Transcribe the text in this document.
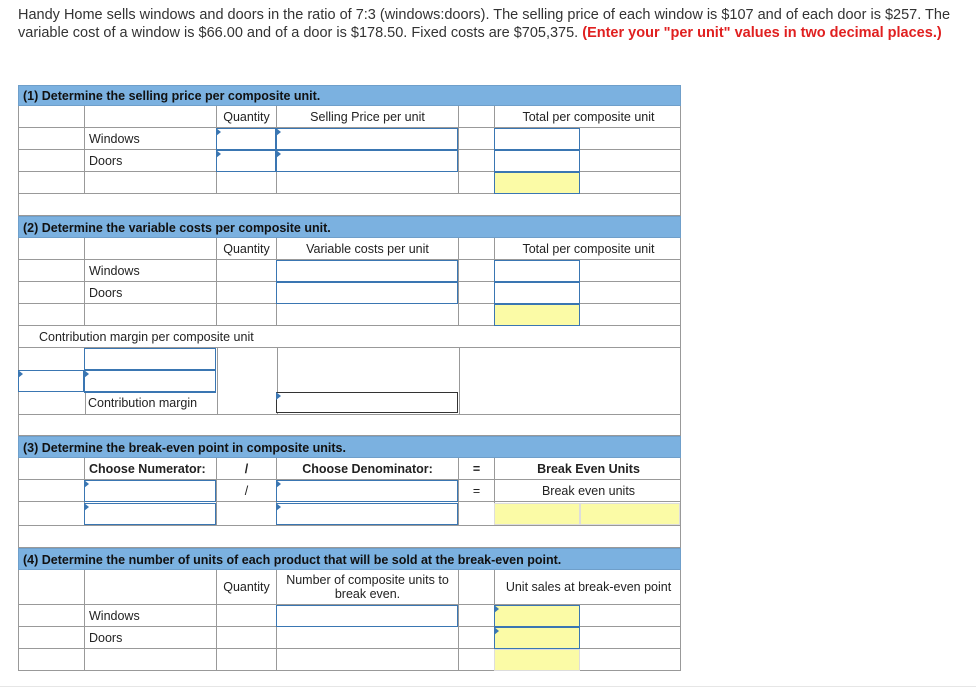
Handy Home sells windows and doors in the ratio of 7:3 (windows:doors). The selling price of each window is $107 and of each door is $257. The variable cost of a window is $66.00 and of a door is $178.50. Fixed costs are $705,375. (Enter your "per unit" values in two decimal places.)
(1) Determine the selling price per composite unit.
Quantity	Selling Price per unit	Total per composite unit
Windows
Doors
(2) Determine the variable costs per composite unit.
Quantity	Variable costs per unit	Total per composite unit
Windows
Doors
Contribution margin per composite unit
Contribution margin
(3) Determine the break-even point in composite units.
Choose Numerator:	/	Choose Denominator:	=	Break Even Units
/	=	Break even units
(4) Determine the number of units of each product that will be sold at the break-even point.
Quantity	Number of composite units to break even.	Unit sales at break-even point
Windows
Doors
